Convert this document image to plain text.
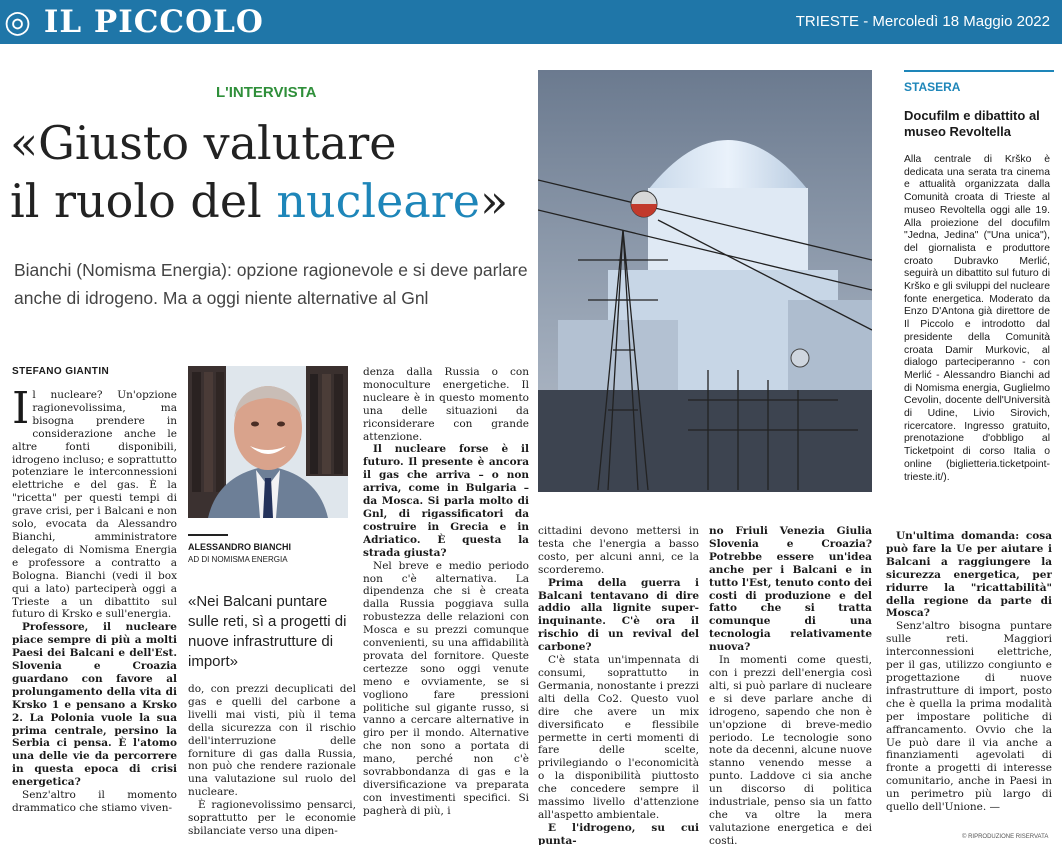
◎ IL PICCOLO	TRIESTE - Mercoledì 18 Maggio 2022
L'INTERVISTA
«Giusto valutare
il ruolo del nucleare»
Bianchi (Nomisma Energia): opzione ragionevole e si deve parlare anche di idrogeno. Ma a oggi niente alternative al Gnl
STEFANO GIANTIN

Il nucleare? Un'opzione ragionevolissima, ma bisogna prendere in considerazione anche le altre fonti disponibili, idrogeno incluso; e soprattutto potenziare le interconnessioni elettriche e del gas. È la "ricetta" per questi tempi di grave crisi, per i Balcani e non solo, evocata da Alessandro Bianchi, amministratore delegato di Nomisma Energia e professore a contratto a Bologna. Bianchi (vedi il box qui a lato) parteciperà oggi a Trieste a un dibattito sul futuro di Krsko e sull'energia.

Professore, il nucleare piace sempre di più a molti Paesi dei Balcani e dell'Est. Slovenia e Croazia guardano con favore al prolungamento della vita di Krsko 1 e pensano a Krsko 2. La Polonia vuole la sua prima centrale, persino la Serbia ci pensa. È l'atomo una delle vie da percorrere in questa epoca di crisi energetica?

Senz'altro il momento drammatico che stiamo viven-

ALESSANDRO BIANCHI
AD DI NOMISMA ENERGIA
«Nei Balcani puntare sulle reti, sì a progetti di nuove infrastrutture di import»

do, con prezzi decuplicati del gas e quelli del carbone a livelli mai visti, più il tema della sicurezza con il rischio dell'interruzione delle forniture di gas dalla Russia, non può che rendere razionale una valutazione sul ruolo del nucleare.

È ragionevolissimo pensarci, soprattutto per le economie sbilanciate verso una dipen-

denza dalla Russia o con monoculture energetiche. Il nucleare è in questo momento una delle situazioni da riconsiderare con grande attenzione.

Il nucleare forse è il futuro. Il presente è ancora il gas che arriva – o non arriva, come in Bulgaria – da Mosca. Si parla molto di Gnl, di rigassificatori da costruire in Grecia e in Adriatico. È questa la strada giusta?

Nel breve e medio periodo non c'è alternativa. La dipendenza che si è creata dalla Russia poggiava sulla robustezza delle relazioni con Mosca e su prezzi comunque convenienti, su una affidabilità provata del fornitore. Queste certezze sono oggi venute meno e ovviamente, se si vogliono fare pressioni politiche sul gigante russo, si vanno a cercare alternative in giro per il mondo. Alternative che non sono a portata di mano, perché non c'è sovrabbondanza di gas e la diversificazione va preparata con investimenti specifici. Si pagherà di più, i

cittadini devono mettersi in testa che l'energia a basso costo, per alcuni anni, ce la scorderemo.

Prima della guerra i Balcani tentavano di dire addio alla lignite super-inquinante. C'è ora il rischio di un revival del carbone?

C'è stata un'impennata di consumi, soprattutto in Germania, nonostante i prezzi alti della Co2. Questo vuol dire che avere un mix diversificato e flessibile permette in certi momenti di fare delle scelte, privilegiando o l'economicità o la disponibilità piuttosto che concedere sempre il massimo livello d'attenzione all'aspetto ambientale.

E l'idrogeno, su cui punta-

no Friuli Venezia Giulia Slovenia e Croazia? Potrebbe essere un'idea anche per i Balcani e in tutto l'Est, tenuto conto dei costi di produzione e del fatto che si tratta comunque di una tecnologia relativamente nuova?

In momenti come questi, con i prezzi dell'energia così alti, si può parlare di nucleare e si deve parlare anche di idrogeno, sapendo che non è un'opzione di breve-medio periodo. Le tecnologie sono note da decenni, alcune nuove stanno venendo messe a punto. Laddove ci sia anche un discorso di politica industriale, penso sia un fatto che va oltre la mera valutazione energetica e dei costi.

Un'ultima domanda: cosa può fare la Ue per aiutare i Balcani a raggiungere la sicurezza energetica, per ridurre la "ricattabilità" della regione da parte di Mosca?

Senz'altro bisogna puntare sulle reti. Maggiori interconnessioni elettriche, per il gas, utilizzo congiunto e progettazione di nuove infrastrutture di import, posto che è quella la prima modalità per impostare politiche di affrancamento. Ovvio che la Ue può dare il via anche a finanziamenti agevolati di fronte a progetti di interesse comunitario, anche in Paesi in un perimetro più largo di quello dell'Unione. —

© RIPRODUZIONE RISERVATA
STASERA
Docufilm e dibattito al museo Revoltella
Alla centrale di Krško è dedicata una serata tra cinema e attualità organizzata dalla Comunità croata di Trieste al museo Revoltella oggi alle 19. Alla proiezione del docufilm "Jedna, Jedina" ("Una unica"), del giornalista e produttore croato Dubravko Merlić, seguirà un dibattito sul futuro di Krško e gli sviluppi del nucleare fonte energetica. Moderato da Enzo D'Antona già direttore de Il Piccolo e introdotto dal presidente della Comunità croata Damir Murkovic, al dialogo parteciperanno - con Merlić - Alessandro Bianchi ad di Nomisma energia, Guglielmo Cevolin, docente dell'Università di Udine, Livio Sirovich, ricercatore. Ingresso gratuito, prenotazione d'obbligo al Ticketpoint di corso Italia o online (biglietteria.ticketpoint-trieste.it/).
